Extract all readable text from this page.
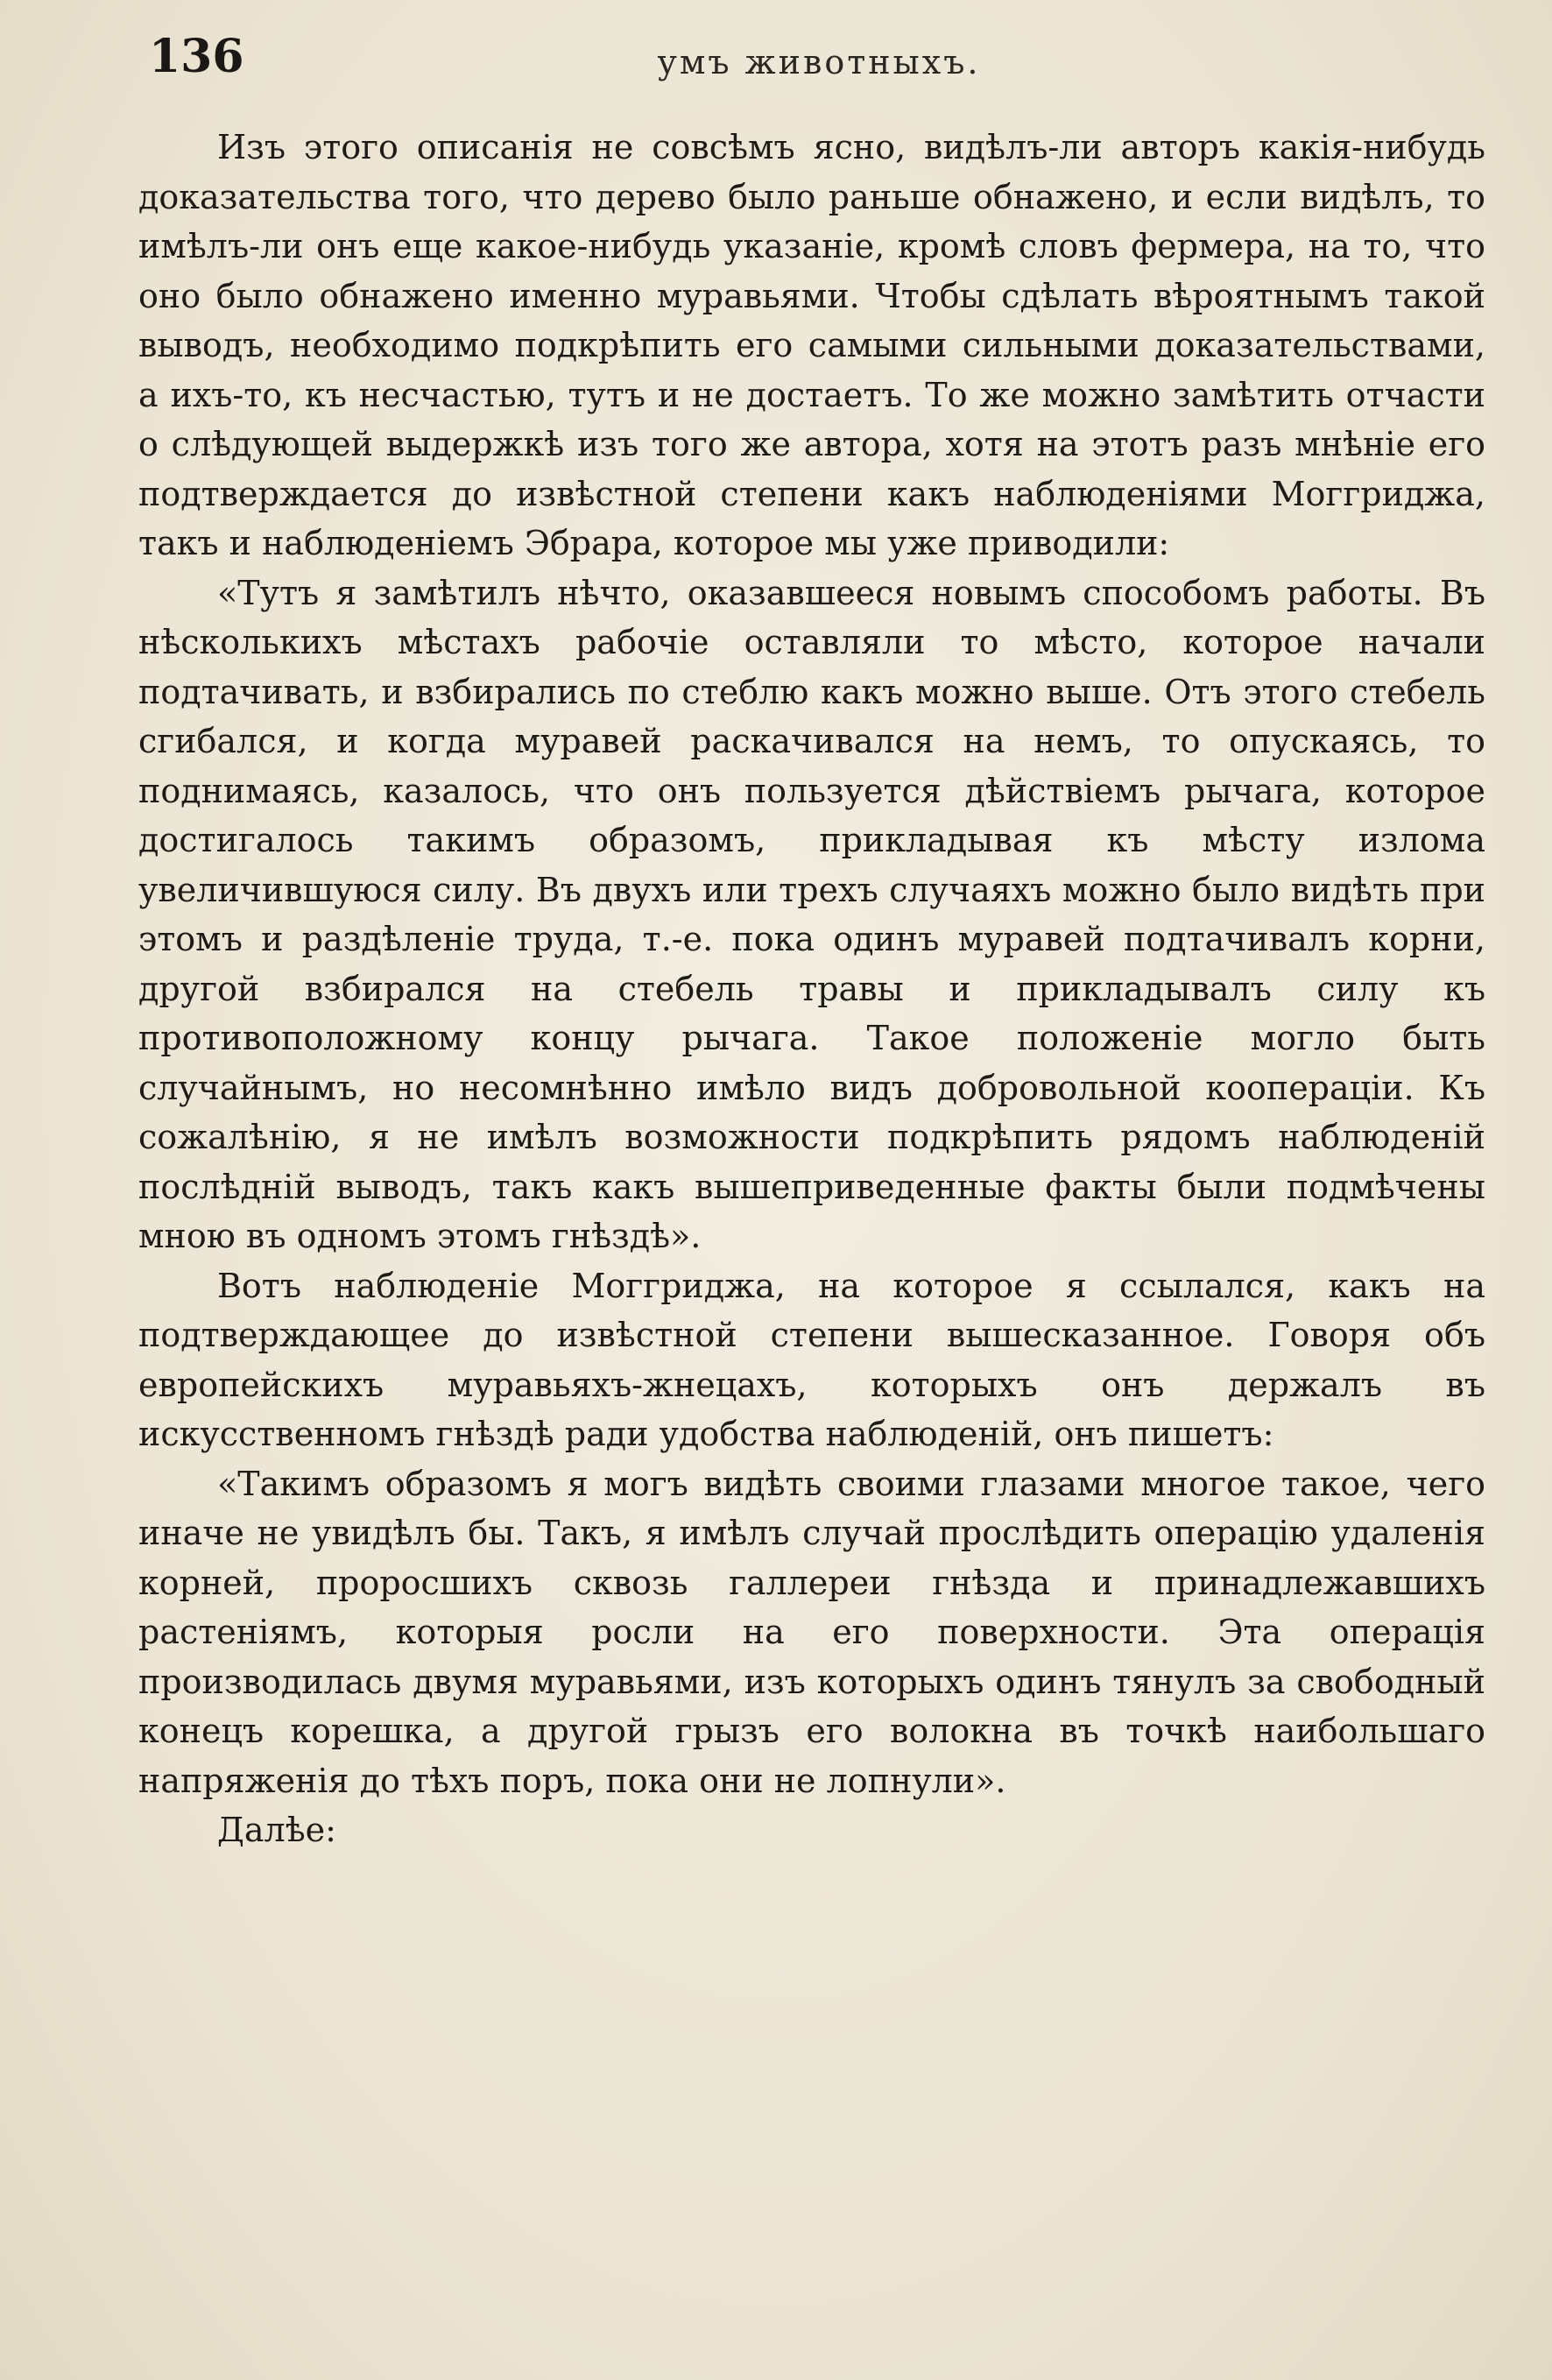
136	умъ животныхъ.

Изъ этого описанія не совсѣмъ ясно, видѣлъ-ли авторъ какія-нибудь доказательства того, что дерево было раньше обнажено, и если видѣлъ, то имѣлъ-ли онъ еще какое-нибудь указаніе, кромѣ словъ фермера, на то, что оно было обнажено именно муравьями. Чтобы сдѣлать вѣроятнымъ такой выводъ, необходимо подкрѣпить его самыми сильными доказательствами, а ихъ-то, къ несчастью, тутъ и не достаетъ. То же можно замѣтить отчасти о слѣдующей выдержкѣ изъ того же автора, хотя на этотъ разъ мнѣніе его подтверждается до извѣстной степени какъ наблюденіями Моггриджа, такъ и наблюденіемъ Эбрара, которое мы уже приводили:

«Тутъ я замѣтилъ нѣчто, оказавшееся новымъ способомъ работы. Въ нѣсколькихъ мѣстахъ рабочіе оставляли то мѣсто, которое начали подтачивать, и взбирались по стеблю какъ можно выше. Отъ этого стебель сгибался, и когда муравей раскачивался на немъ, то опускаясь, то поднимаясь, казалось, что онъ пользуется дѣйствіемъ рычага, которое достигалось такимъ образомъ, прикладывая къ мѣсту излома увеличившуюся силу. Въ двухъ или трехъ случаяхъ можно было видѣть при этомъ и раздѣленіе труда, т.-е. пока одинъ муравей подтачивалъ корни, другой взбирался на стебель травы и прикладывалъ силу къ противоположному концу рычага. Такое положеніе могло быть случайнымъ, но несомнѣнно имѣло видъ добровольной кооперацiи. Къ сожалѣнію, я не имѣлъ возможности подкрѣпить рядомъ наблюденій послѣдній выводъ, такъ какъ вышеприведенные факты были подмѣчены мною въ одномъ этомъ гнѣздѣ».

Вотъ наблюденіе Моггриджа, на которое я ссылался, какъ на подтверждающее до извѣстной степени вышесказанное. Говоря объ европейскихъ муравьяхъ-жнецахъ, которыхъ онъ держалъ въ искусственномъ гнѣздѣ ради удобства наблюденій, онъ пишетъ:

«Такимъ образомъ я могъ видѣть своими глазами многое такое, чего иначе не увидѣлъ бы. Такъ, я имѣлъ случай прослѣдить операцію удаленія корней, проросшихъ сквозь галлереи гнѣзда и принадлежавшихъ растеніямъ, которыя росли на его поверхности. Эта операція производилась двумя муравьями, изъ которыхъ одинъ тянулъ за свободный конецъ корешка, а другой грызъ его волокна въ точкѣ наибольшаго напряженія до тѣхъ поръ, пока они не лопнули».

Далѣе:
